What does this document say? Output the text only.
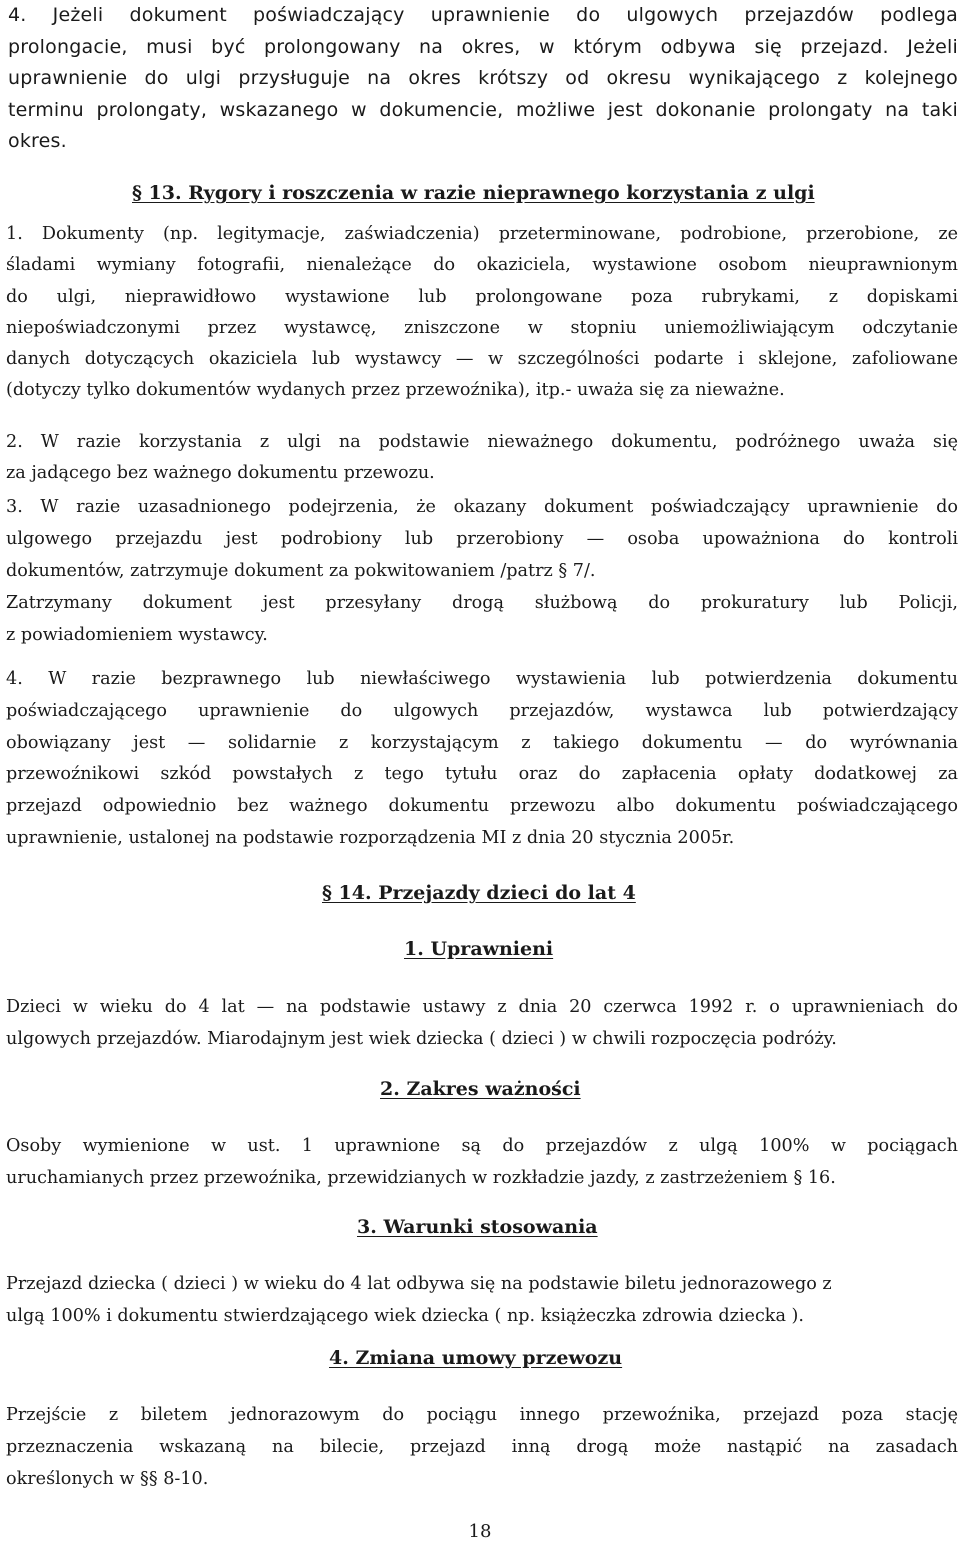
4. Jeżeli dokument poświadczający uprawnienie do ulgowych przejazdów podlega
prolongacie, musi być prolongowany na okres, w którym odbywa się przejazd. Jeżeli
uprawnienie do ulgi przysługuje na okres krótszy od okresu wynikającego z kolejnego
terminu prolongaty, wskazanego w dokumencie, możliwe jest dokonanie prolongaty na taki
okres.
§ 13. Rygory i roszczenia w razie nieprawnego korzystania z ulgi
1. Dokumenty (np. legitymacje, zaświadczenia) przeterminowane, podrobione, przerobione, ze
śladami wymiany fotografii, nienależące do okaziciela, wystawione osobom nieuprawnionym
do ulgi, nieprawidłowo wystawione lub prolongowane poza rubrykami, z dopiskami
niepoświadczonymi przez wystawcę, zniszczone w stopniu uniemożliwiającym odczytanie
danych dotyczących okaziciela lub wystawcy — w szczególności podarte i sklejone, zafoliowane
(dotyczy tylko dokumentów wydanych przez przewoźnika), itp.- uważa się za nieważne.
2. W razie korzystania z ulgi na podstawie nieważnego dokumentu, podróżnego uważa się
za jadącego bez ważnego dokumentu przewozu.
3. W razie uzasadnionego podejrzenia, że okazany dokument poświadczający uprawnienie do
ulgowego przejazdu jest podrobiony lub przerobiony — osoba upoważniona do kontroli
dokumentów, zatrzymuje dokument za pokwitowaniem /patrz § 7/.
Zatrzymany dokument jest przesyłany drogą służbową do prokuratury lub Policji,
z powiadomieniem wystawcy.
4. W razie bezprawnego lub niewłaściwego wystawienia lub potwierdzenia dokumentu
poświadczającego uprawnienie do ulgowych przejazdów, wystawca lub potwierdzający
obowiązany jest — solidarnie z korzystającym z takiego dokumentu — do wyrównania
przewoźnikowi szkód powstałych z tego tytułu oraz do zapłacenia opłaty dodatkowej za
przejazd odpowiednio bez ważnego dokumentu przewozu albo dokumentu poświadczającego
uprawnienie, ustalonej na podstawie rozporządzenia MI z dnia 20 stycznia 2005r.
§ 14. Przejazdy dzieci do lat 4
1. Uprawnieni
Dzieci w wieku do 4 lat — na podstawie ustawy z dnia 20 czerwca 1992 r. o uprawnieniach do
ulgowych przejazdów. Miarodajnym jest wiek dziecka ( dzieci ) w chwili rozpoczęcia podróży.
2. Zakres ważności
Osoby wymienione w ust. 1 uprawnione są do przejazdów z ulgą 100% w pociągach
uruchamianych przez przewoźnika, przewidzianych w rozkładzie jazdy, z zastrzeżeniem § 16.
3. Warunki stosowania
Przejazd dziecka ( dzieci ) w wieku do 4 lat odbywa się na podstawie biletu jednorazowego z
ulgą 100% i dokumentu stwierdzającego wiek dziecka ( np. książeczka zdrowia dziecka ).
4. Zmiana umowy przewozu
Przejście z biletem jednorazowym do pociągu innego przewoźnika, przejazd poza stację
przeznaczenia wskazaną na bilecie, przejazd inną drogą może nastąpić na zasadach
określonych w §§ 8-10.
18
